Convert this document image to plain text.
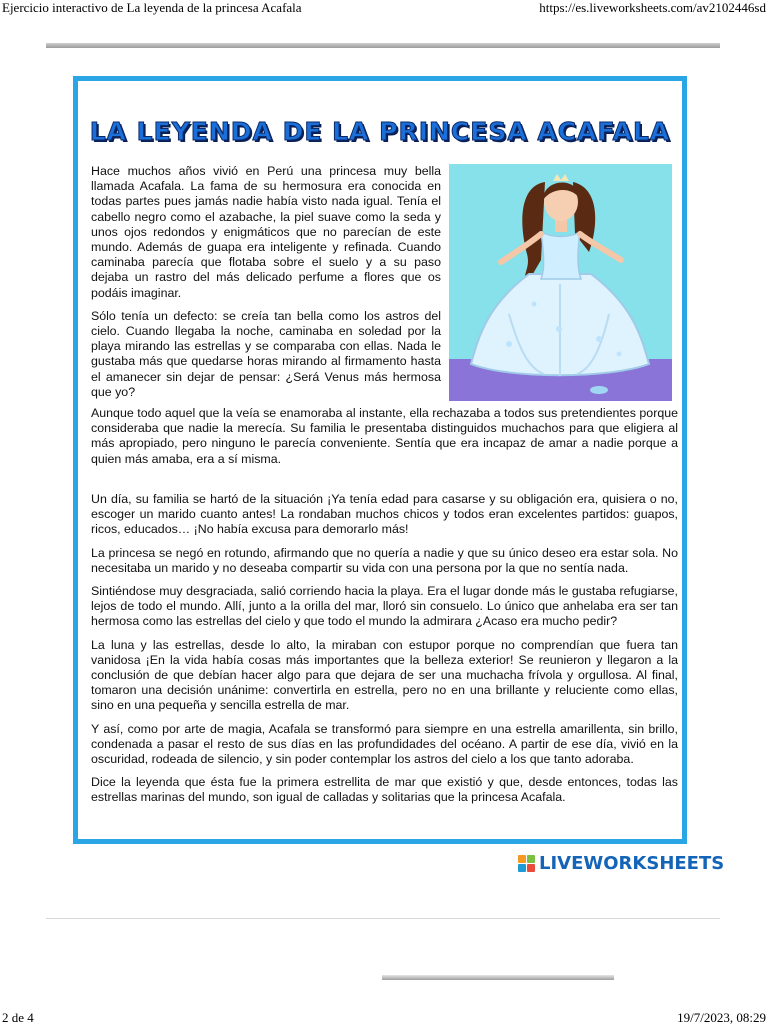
Ejercicio interactivo de La leyenda de la princesa Acafala	https://es.liveworksheets.com/av2102446sd
LA LEYENDA DE LA PRINCESA ACAFALA

Hace muchos años vivió en Perú una princesa muy bella llamada Acafala. La fama de su hermosura era conocida en todas partes pues jamás nadie había visto nada igual. Tenía el cabello negro como el azabache, la piel suave como la seda y unos ojos redondos y enigmáticos que no parecían de este mundo. Además de guapa era inteligente y refinada. Cuando caminaba parecía que flotaba sobre el suelo y a su paso dejaba un rastro del más delicado perfume a flores que os podáis imaginar.

Sólo tenía un defecto: se creía tan bella como los astros del cielo. Cuando llegaba la noche, caminaba en soledad por la playa mirando las estrellas y se comparaba con ellas. Nada le gustaba más que quedarse horas mirando al firmamento hasta el amanecer sin dejar de pensar: ¿Será Venus más hermosa que yo?

Aunque todo aquel que la veía se enamoraba al instante, ella rechazaba a todos sus pretendientes porque consideraba que nadie la merecía. Su familia le presentaba distinguidos muchachos para que eligiera al más apropiado, pero ninguno le parecía conveniente. Sentía que era incapaz de amar a nadie porque a quien más amaba, era a sí misma.

Un día, su familia se hartó de la situación ¡Ya tenía edad para casarse y su obligación era, quisiera o no, escoger un marido cuanto antes! La rondaban muchos chicos y todos eran excelentes partidos: guapos, ricos, educados… ¡No había excusa para demorarlo más!

La princesa se negó en rotundo, afirmando que no quería a nadie y que su único deseo era estar sola. No necesitaba un marido y no deseaba compartir su vida con una persona por la que no sentía nada.

Sintiéndose muy desgraciada, salió corriendo hacia la playa. Era el lugar donde más le gustaba refugiarse, lejos de todo el mundo. Allí, junto a la orilla del mar, lloró sin consuelo. Lo único que anhelaba era ser tan hermosa como las estrellas del cielo y que todo el mundo la admirara ¿Acaso era mucho pedir?

La luna y las estrellas, desde lo alto, la miraban con estupor porque no comprendían que fuera tan vanidosa ¡En la vida había cosas más importantes que la belleza exterior! Se reunieron y llegaron a la conclusión de que debían hacer algo para que dejara de ser una muchacha frívola y orgullosa. Al final, tomaron una decisión unánime: convertirla en estrella, pero no en una brillante y reluciente como ellas, sino en una pequeña y sencilla estrella de mar.

Y así, como por arte de magia, Acafala se transformó para siempre en una estrella amarillenta, sin brillo, condenada a pasar el resto de sus días en las profundidades del océano. A partir de ese día, vivió en la oscuridad, rodeada de silencio, y sin poder contemplar los astros del cielo a los que tanto adoraba.

Dice la leyenda que ésta fue la primera estrellita de mar que existió y que, desde entonces, todas las estrellas marinas del mundo, son igual de calladas y solitarias que la princesa Acafala.

LIVEWORKSHEETS
2 de 4	19/7/2023, 08:29
